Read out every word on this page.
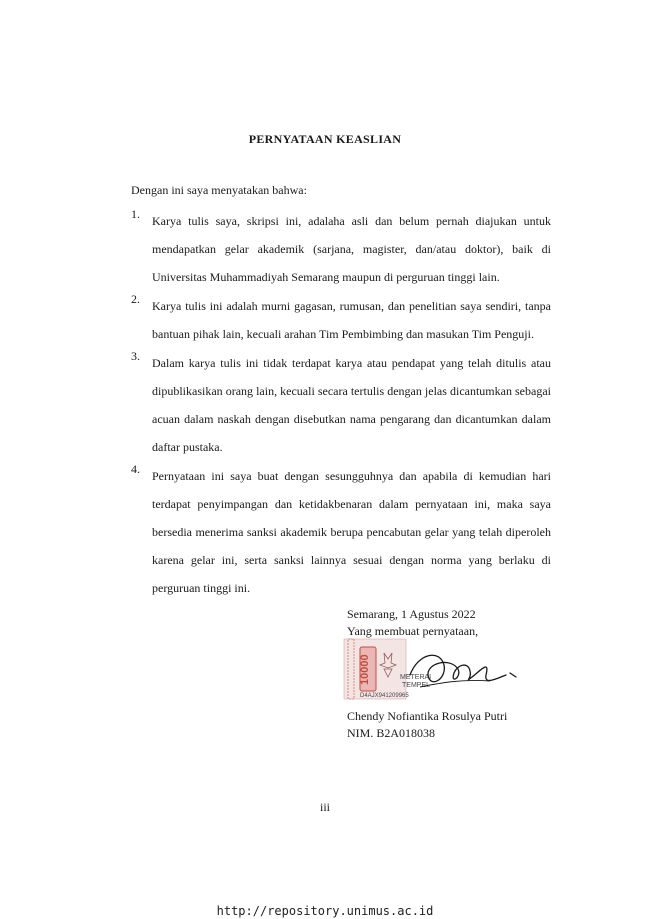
PERNYATAAN KEASLIAN
Dengan ini saya menyatakan bahwa:
1.	Karya tulis saya, skripsi ini, adalaha asli dan belum pernah diajukan untuk mendapatkan gelar akademik (sarjana, magister, dan/atau doktor), baik di Universitas Muhammadiyah Semarang maupun di perguruan tinggi lain.
2.	Karya tulis ini adalah murni gagasan, rumusan, dan penelitian saya sendiri, tanpa bantuan pihak lain, kecuali arahan Tim Pembimbing dan masukan Tim Penguji.
3.	Dalam karya tulis ini tidak terdapat karya atau pendapat yang telah ditulis atau dipublikasikan orang lain, kecuali secara tertulis dengan jelas dicantumkan sebagai acuan dalam naskah dengan disebutkan nama pengarang dan dicantumkan dalam daftar pustaka.
4.	Pernyataan ini saya buat dengan sesungguhnya dan apabila di kemudian hari terdapat penyimpangan dan ketidakbenaran dalam pernyataan ini, maka saya bersedia menerima sanksi akademik berupa pencabutan gelar yang telah diperoleh karena gelar ini, serta sanksi lainnya sesuai dengan norma yang berlaku di perguruan tinggi ini.
10000	METERAI
TEMPEL
D4AJX941209965
Semarang, 1 Agustus 2022
Yang membuat pernyataan,
Chendy Nofiantika Rosulya Putri
NIM. B2A018038
iii
http://repository.unimus.ac.id
